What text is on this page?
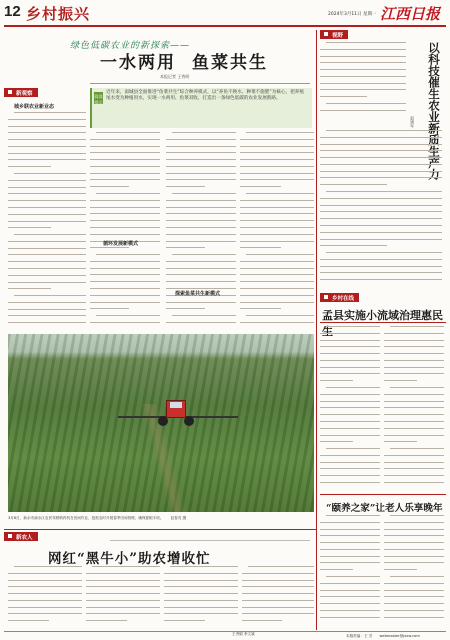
12 乡村振兴	2024年3月11日 星期一 江西日报
绿色低碳农业的新探索——
一水两用 鱼菜共生
本报记者 王秀明
新观察
城乡联农业新业态
阅读提示
近年来，南城县全面推进“鱼菜共生”综合种养模式，以“养鱼不换水、种菜不施肥”为核心，把养殖尾水变为种植用水，实现一水两用、鱼菜双收，打造出一条绿色低碳的农业发展新路。
循环发展新模式
探索鱼菜共生新模式
3月8日，新余市渝水区农民驾驶喷药机在田间作业，抢抓农时开展春季田间管理，确保夏粮丰收。　　赵春亮 摄
新农人
网红“黑牛小”助农增收忙
王秀娟 李文斌
视野
以科技催生农业新质生产力
赵建军
乡村在线
孟县实施小流域治理惠民生
“颐养之家”让老人乐享晚年
本版责编：王 芳　　webmaster@jxxw.com
